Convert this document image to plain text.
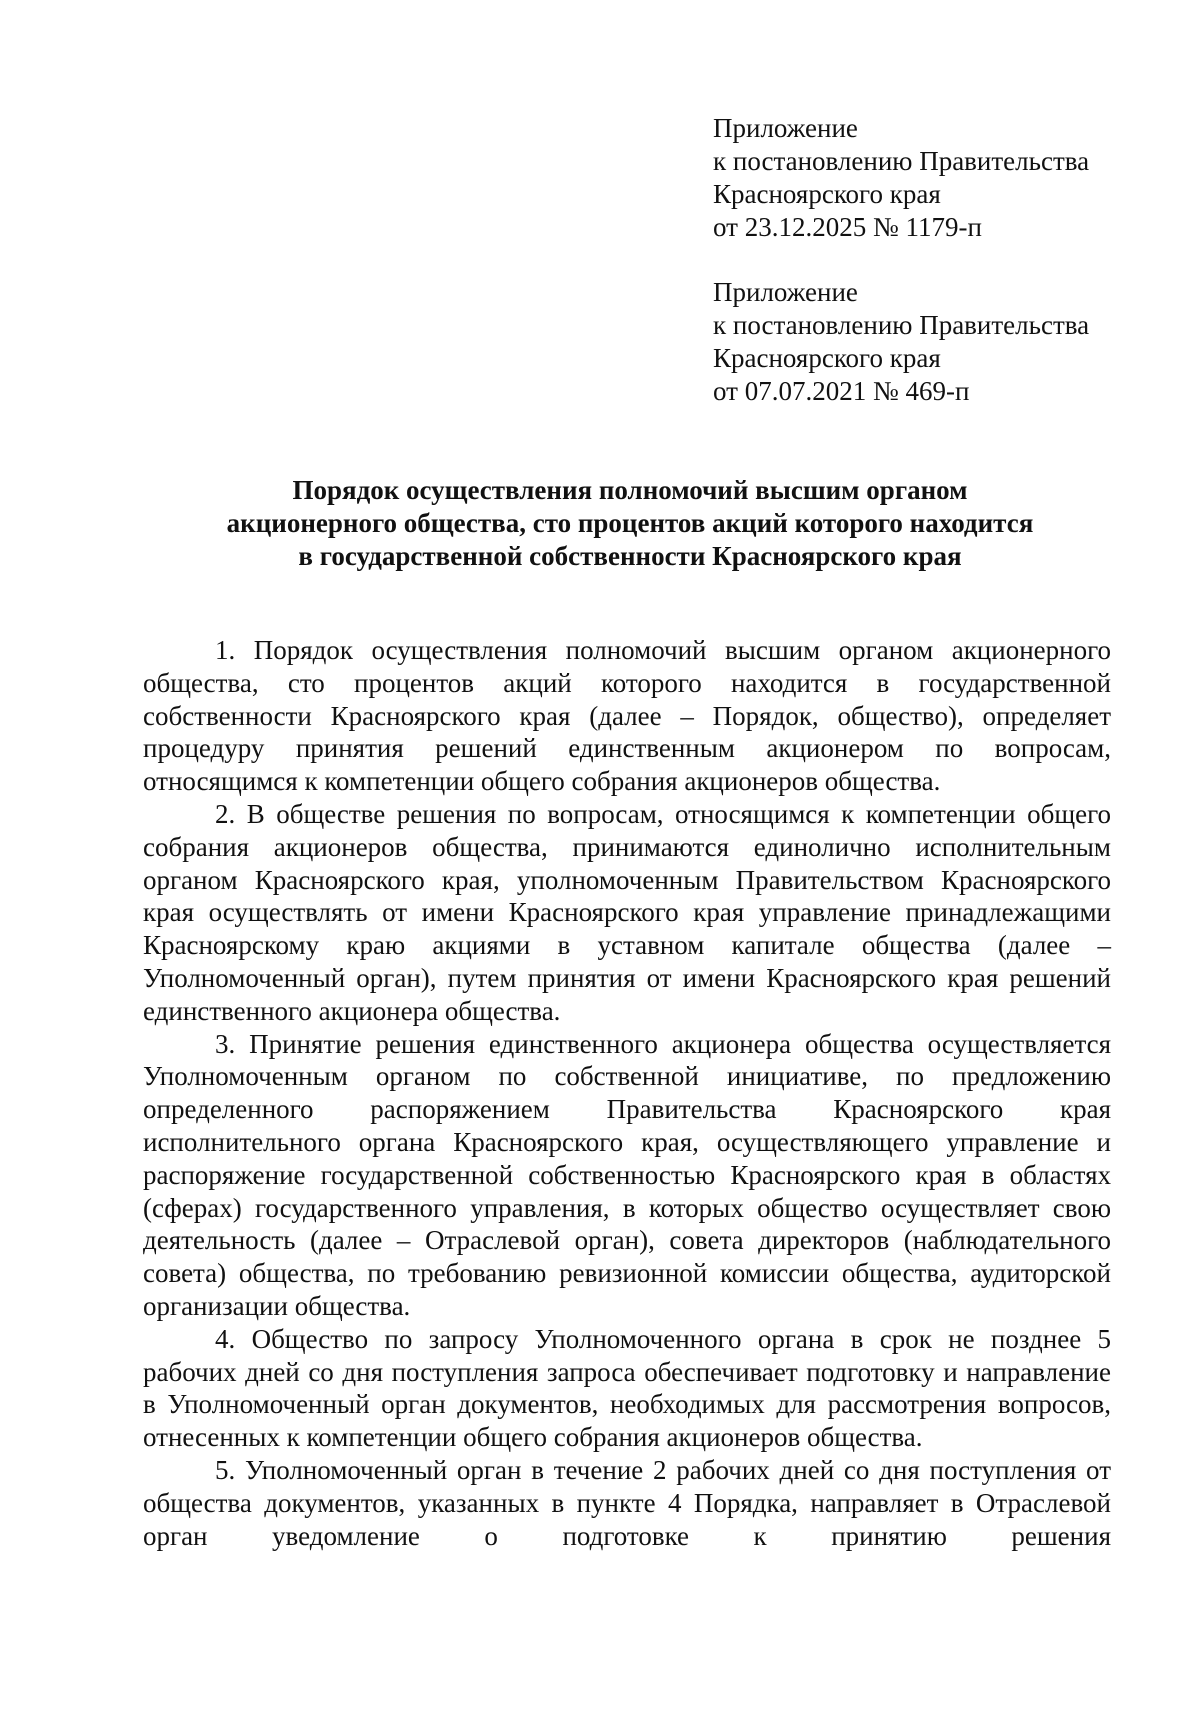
Приложение
к постановлению Правительства
Красноярского края
от 23.12.2025 № 1179-п
Приложение
к постановлению Правительства
Красноярского края
от 07.07.2021 № 469-п
Порядок осуществления полномочий высшим органом
акционерного общества, сто процентов акций которого находится
в государственной собственности Красноярского края

1. Порядок осуществления полномочий высшим органом акционерного общества, сто процентов акций которого находится в государственной собственности Красноярского края (далее – Порядок, общество), определяет процедуру принятия решений единственным акционером по вопросам, относящимся к компетенции общего собрания акционеров общества.

2. В обществе решения по вопросам, относящимся к компетенции общего собрания акционеров общества, принимаются единолично исполнительным органом Красноярского края, уполномоченным Правительством Красноярского края осуществлять от имени Красноярского края управление принадлежащими Красноярскому краю акциями в уставном капитале общества (далее – Уполномоченный орган), путем принятия от имени Красноярского края решений единственного акционера общества.

3. Принятие решения единственного акционера общества осуществляется Уполномоченным органом по собственной инициативе, по предложению определенного распоряжением Правительства Красноярского края исполнительного органа Красноярского края, осуществляющего управление и распоряжение государственной собственностью Красноярского края в областях (сферах) государственного управления, в которых общество осуществляет свою деятельность (далее – Отраслевой орган), совета директоров (наблюдательного совета) общества, по требованию ревизионной комиссии общества, аудиторской организации общества.

4. Общество по запросу Уполномоченного органа в срок не позднее 5 рабочих дней со дня поступления запроса обеспечивает подготовку и направление в Уполномоченный орган документов, необходимых для рассмотрения вопросов, отнесенных к компетенции общего собрания акционеров общества.

5. Уполномоченный орган в течение 2 рабочих дней со дня поступления от общества документов, указанных в пункте 4 Порядка, направляет в Отраслевой орган уведомление о подготовке к принятию решения
